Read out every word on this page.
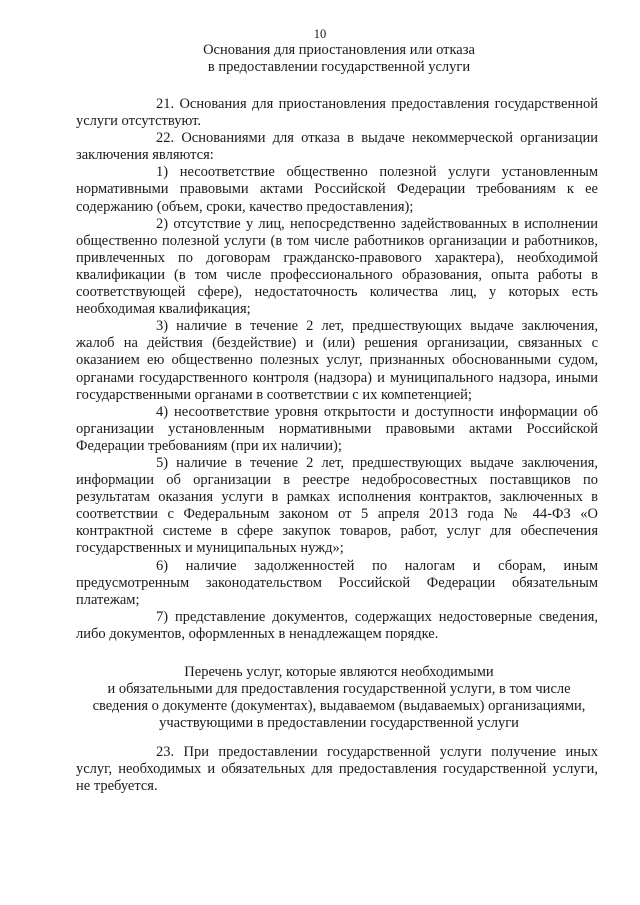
10
Основания для приостановления или отказа
в предоставлении государственной услуги

21. Основания для приостановления предоставления государственной услуги отсутствуют.

22. Основаниями для отказа в выдаче некоммерческой организации заключения являются:

1) несоответствие общественно полезной услуги установленным нормативными правовыми актами Российской Федерации требованиям к ее содержанию (объем, сроки, качество предоставления);

2) отсутствие у лиц, непосредственно задействованных в исполнении общественно полезной услуги (в том числе работников организации и работников, привлеченных по договорам гражданско-правового характера), необходимой квалификации (в том числе профессионального образования, опыта работы в соответствующей сфере), недостаточность количества лиц, у которых есть необходимая квалификация;

3) наличие в течение 2 лет, предшествующих выдаче заключения, жалоб на действия (бездействие) и (или) решения организации, связанных с оказанием ею общественно полезных услуг, признанных обоснованными судом, органами государственного контроля (надзора) и муниципального надзора, иными государственными органами в соответствии с их компетенцией;

4) несоответствие уровня открытости и доступности информации об организации установленным нормативными правовыми актами Российской Федерации требованиям (при их наличии);

5) наличие в течение 2 лет, предшествующих выдаче заключения, информации об организации в реестре недобросовестных поставщиков по результатам оказания услуги в рамках исполнения контрактов, заключенных в соответствии с Федеральным законом от 5 апреля 2013 года № 44-ФЗ «О контрактной системе в сфере закупок товаров, работ, услуг для обеспечения государственных и муниципальных нужд»;

6) наличие задолженностей по налогам и сборам, иным предусмотренным законодательством Российской Федерации обязательным платежам;

7) представление документов, содержащих недостоверные сведения, либо документов, оформленных в ненадлежащем порядке.

Перечень услуг, которые являются необходимыми
и обязательными для предоставления государственной услуги, в том числе
сведения о документе (документах), выдаваемом (выдаваемых) организациями,
участвующими в предоставлении государственной услуги

23. При предоставлении государственной услуги получение иных услуг, необходимых и обязательных для предоставления государственной услуги, не требуется.
